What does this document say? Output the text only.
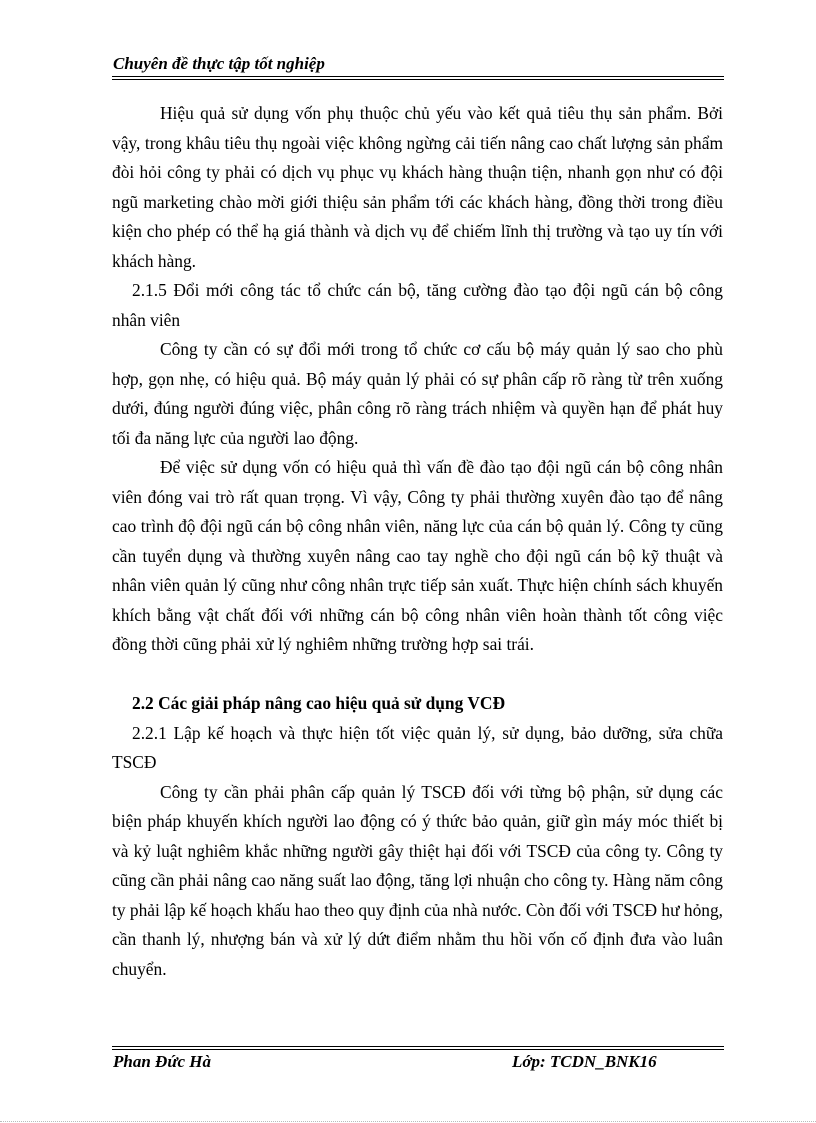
Chuyên đề thực tập tốt nghiệp

Hiệu quả sử dụng vốn phụ thuộc chủ yếu vào kết quả tiêu thụ sản phẩm. Bởi vậy, trong khâu tiêu thụ ngoài việc không ngừng cải tiến nâng cao chất lượng sản phẩm đòi hỏi công ty phải có dịch vụ phục vụ khách hàng thuận tiện, nhanh gọn như có đội ngũ marketing chào mời giới thiệu sản phẩm tới các khách hàng, đồng thời trong điều kiện cho phép có thể hạ giá thành và dịch vụ để chiếm lĩnh thị trường và tạo uy tín với khách hàng.

2.1.5 Đổi mới công tác tổ chức cán bộ, tăng cường đào tạo đội ngũ cán bộ công nhân viên

Công ty cần có sự đổi mới trong tổ chức cơ cấu bộ máy quản lý sao cho phù hợp, gọn nhẹ, có hiệu quả. Bộ máy quản lý phải có sự phân cấp rõ ràng từ trên xuống dưới, đúng người đúng việc, phân công rõ ràng trách nhiệm và quyền hạn để phát huy tối đa năng lực của người lao động.

Để việc sử dụng vốn có hiệu quả thì vấn đề đào tạo đội ngũ cán bộ công nhân viên đóng vai trò rất quan trọng. Vì vậy, Công ty phải thường xuyên đào tạo để nâng cao trình độ đội ngũ cán bộ công nhân viên, năng lực của cán bộ quản lý. Công ty cũng cần tuyển dụng và thường xuyên nâng cao tay nghề cho đội ngũ cán bộ kỹ thuật và nhân viên quản lý cũng như công nhân trực tiếp sản xuất. Thực hiện chính sách khuyến khích bằng vật chất đối với những cán bộ công nhân viên hoàn thành tốt công việc đồng thời cũng phải xử lý nghiêm những trường hợp sai trái.

2.2 Các giải pháp nâng cao hiệu quả sử dụng VCĐ

2.2.1 Lập kế hoạch và thực hiện tốt việc quản lý, sử dụng, bảo dưỡng, sửa chữa TSCĐ

Công ty cần phải phân cấp quản lý TSCĐ đối với từng bộ phận, sử dụng các biện pháp khuyến khích người lao động có ý thức bảo quản, giữ gìn máy móc thiết bị và kỷ luật nghiêm khắc những người gây thiệt hại đối với TSCĐ của công ty. Công ty cũng cần phải nâng cao năng suất lao động, tăng lợi nhuận cho công ty. Hàng năm công ty phải lập kế hoạch khấu hao theo quy định của nhà nước. Còn đối với TSCĐ hư hỏng, cần thanh lý, nhượng bán và xử lý dứt điểm nhằm thu hồi vốn cố định đưa vào luân chuyển.

Phan Đức Hà	Lớp: TCDN_BNK16
